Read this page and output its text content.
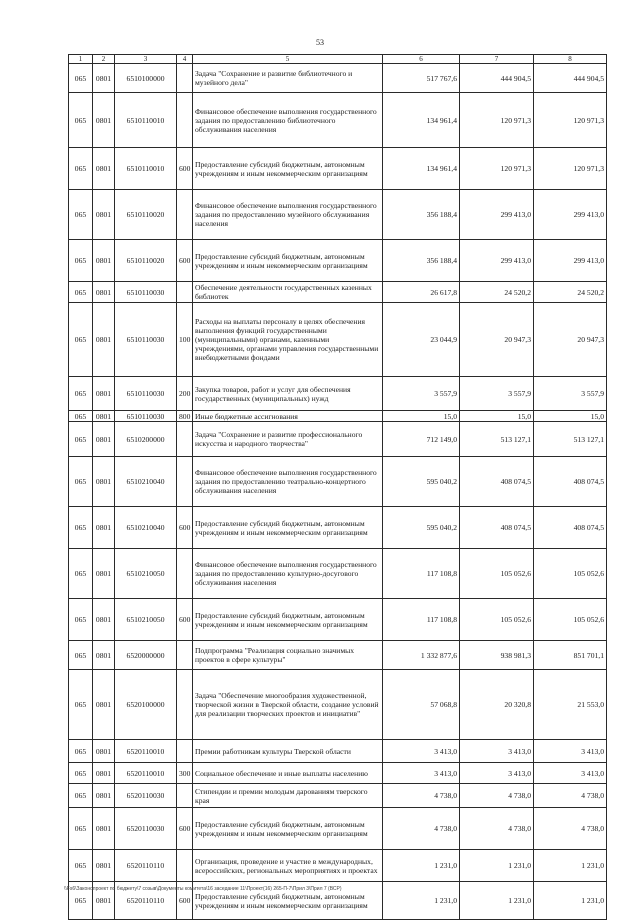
53
1	2	3	4	5	6	7	8
065	0801	6510100000		Задача "Сохранение и развитие библиотечного и музейного дела"	517 767,6	444 904,5	444 904,5
065	0801	6510110010		Финансовое обеспечение выполнения государственного задания по предоставлению библиотечного обслуживания населения	134 961,4	120 971,3	120 971,3
065	0801	6510110010	600	Предоставление субсидий бюджетным, автономным учреждениям и иным некоммерческим организациям	134 961,4	120 971,3	120 971,3
065	0801	6510110020		Финансовое обеспечение выполнения государственного задания по предоставлению музейного обслуживания населения	356 188,4	299 413,0	299 413,0
065	0801	6510110020	600	Предоставление субсидий бюджетным, автономным учреждениям и иным некоммерческим организациям	356 188,4	299 413,0	299 413,0
065	0801	6510110030		Обеспечение деятельности государственных казенных библиотек	26 617,8	24 520,2	24 520,2
065	0801	6510110030	100	Расходы на выплаты персоналу в целях обеспечения выполнения функций государственными (муниципальными) органами, казенными учреждениями, органами управления государственными внебюджетными фондами	23 044,9	20 947,3	20 947,3
065	0801	6510110030	200	Закупка товаров, работ и услуг для обеспечения государственных (муниципальных) нужд	3 557,9	3 557,9	3 557,9
065	0801	6510110030	800	Иные бюджетные ассигнования	15,0	15,0	15,0
065	0801	6510200000		Задача "Сохранение и развитие профессионального искусства и народного творчества"	712 149,0	513 127,1	513 127,1
065	0801	6510210040		Финансовое обеспечение выполнения государственного задания по предоставлению театрально-концертного обслуживания населения	595 040,2	408 074,5	408 074,5
065	0801	6510210040	600	Предоставление субсидий бюджетным, автономным учреждениям и иным некоммерческим организациям	595 040,2	408 074,5	408 074,5
065	0801	6510210050		Финансовое обеспечение выполнения государственного задания по предоставлению культурно-досугового обслуживания населения	117 108,8	105 052,6	105 052,6
065	0801	6510210050	600	Предоставление субсидий бюджетным, автономным учреждениям и иным некоммерческим организациям	117 108,8	105 052,6	105 052,6
065	0801	6520000000		Подпрограмма "Реализация социально значимых проектов в сфере культуры"	1 332 877,6	938 981,3	851 701,1
065	0801	6520100000		Задача "Обеспечение многообразия художественной, творческой жизни в Тверской области, создание условий для реализации творческих проектов и инициатив"	57 068,8	20 320,8	21 553,0
065	0801	6520110010		Премии работникам культуры Тверской области	3 413,0	3 413,0	3 413,0
065	0801	6520110010	300	Социальное обеспечение и иные выплаты населению	3 413,0	3 413,0	3 413,0
065	0801	6520110030		Стипендии и премии молодым дарованиям тверского края	4 738,0	4 738,0	4 738,0
065	0801	6520110030	600	Предоставление субсидий бюджетным, автономным учреждениям и иным некоммерческим организациям	4 738,0	4 738,0	4 738,0
065	0801	6520110110		Организация, проведение и участие в международных, всероссийских, региональных мероприятиях и проектах	1 231,0	1 231,0	1 231,0
065	0801	6520110110	600	Предоставление субсидий бюджетным, автономным учреждениям и иным некоммерческим организациям	1 231,0	1 231,0	1 231,0
\\Fs6\Законопроект по бюджету\7 созыв\Документы комитета\16 заседание 11\Проект(16) 265-П-7\Прил 3\Прил 7 (ВСР)
